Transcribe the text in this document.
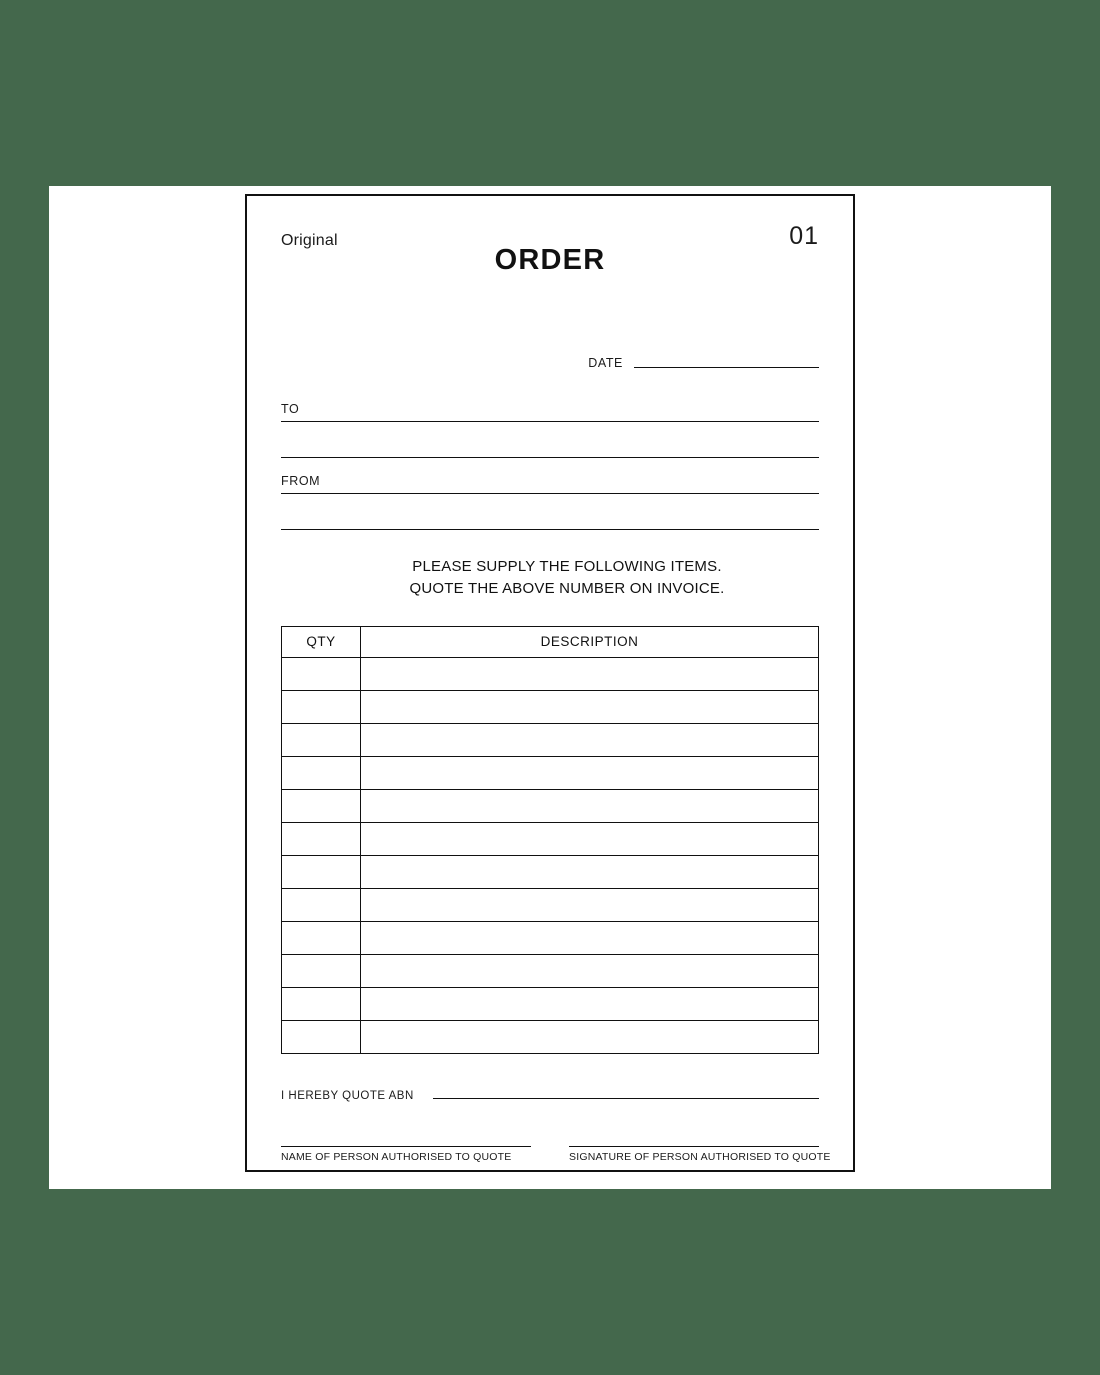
Original
ORDER
01
DATE
TO
FROM
PLEASE SUPPLY THE FOLLOWING ITEMS.
QUOTE THE ABOVE NUMBER ON INVOICE.
QTY	DESCRIPTION

I HEREBY QUOTE ABN
NAME OF PERSON AUTHORISED TO QUOTE	SIGNATURE OF PERSON AUTHORISED TO QUOTE
